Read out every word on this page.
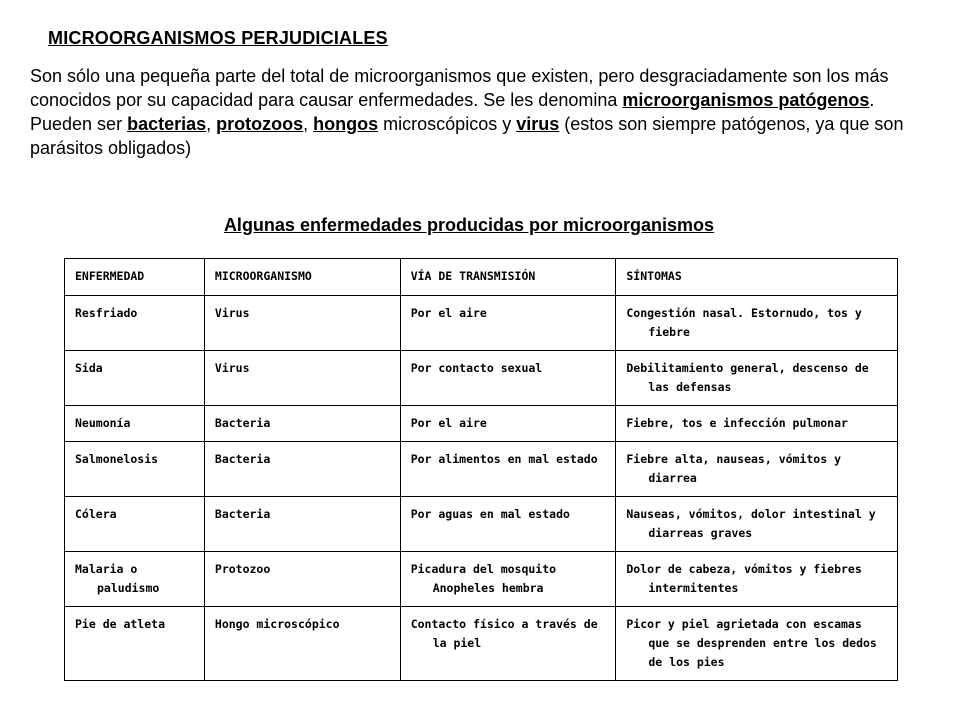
MICROORGANISMOS PERJUDICIALES

Son sólo una pequeña parte del total de microorganismos que existen, pero desgraciadamente son los más conocidos por su capacidad para causar enfermedades. Se les denomina microorganismos patógenos. Pueden ser bacterias, protozoos, hongos microscópicos y virus (estos son siempre patógenos, ya que son parásitos obligados)

Algunas enfermedades producidas por microorganismos
ENFERMEDAD	MICROORGANISMO	VÍA DE TRANSMISIÓN	SÍNTOMAS

Resfriado	Virus	Por el aire	Congestión nasal. Estornudo, tos y fiebre

Sida	Virus	Por contacto sexual	Debilitamiento general, descenso de las defensas

Neumonía	Bacteria	Por el aire	Fiebre, tos e infección pulmonar

Salmonelosis	Bacteria	Por alimentos en mal estado	Fiebre alta, nauseas, vómitos y diarrea

Cólera	Bacteria	Por aguas en mal estado	Nauseas, vómitos, dolor intestinal y diarreas graves

Malaria o paludismo	Protozoo	Picadura del mosquito Anopheles hembra	Dolor de cabeza, vómitos y fiebres intermitentes

Pie de atleta	Hongo microscópico	Contacto físico a través de la piel	Picor y piel agrietada con escamas que se desprenden entre los dedos de los pies
